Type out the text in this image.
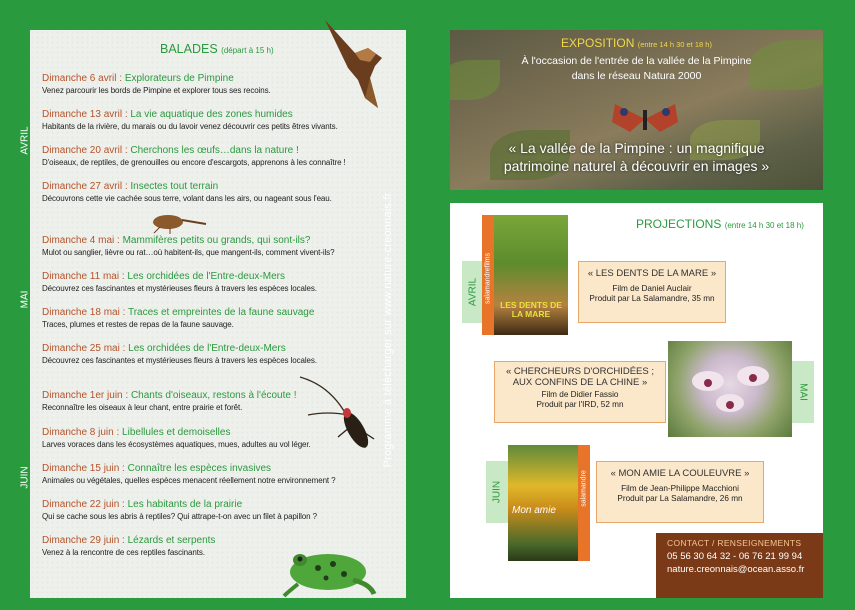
BALADES (départ à 15 h)
Dimanche 6 avril : Explorateurs de Pimpine
Venez parcourir les bords de Pimpine et explorer tous ses recoins.
Dimanche 13 avril : La vie aquatique des zones humides
Habitants de la rivière, du marais ou du lavoir venez découvrir ces petits êtres vivants.
Dimanche 20 avril : Cherchons les œufs…dans la nature !
D'oiseaux, de reptiles, de grenouilles ou encore d'escargots, apprenons à les connaître !
Dimanche 27 avril : Insectes tout terrain
Découvrons cette vie cachée sous terre, volant dans les airs, ou nageant sous l'eau.
Dimanche 4 mai : Mammifères petits ou grands, qui sont-ils?
Mulot ou sanglier, lièvre ou rat…où habitent-ils, que mangent-ils, comment vivent-ils?
Dimanche 11 mai : Les orchidées de l'Entre-deux-Mers
Découvrez ces fascinantes et mystérieuses fleurs à travers les espèces locales.
Dimanche 18 mai : Traces et empreintes de la faune sauvage
Traces, plumes et restes de repas de la faune sauvage.
Dimanche 25 mai : Les orchidées de l'Entre-deux-Mers
Découvrez ces fascinantes et mystérieuses fleurs à travers les espèces locales.
Dimanche 1er juin : Chants d'oiseaux, restons à l'écoute !
Reconnaître les oiseaux à leur chant, entre prairie et forêt.
Dimanche 8 juin : Libellules et demoiselles
Larves voraces dans les écosystèmes aquatiques, mues, adultes au vol léger.
Dimanche 15 juin : Connaître les espèces invasives
Animales ou végétales, quelles espèces menacent réellement notre environnement ?
Dimanche 22 juin : Les habitants de la prairie
Qui se cache sous les abris à reptiles? Qui attrape-t-on avec un filet à papillon ?
Dimanche 29 juin : Lézards et serpents
Venez à la rencontre de ces reptiles fascinants.
Programme à télécharger sur www.nature-creonnais.fr
AVRIL
MAI
JUIN
EXPOSITION (entre 14 h 30 et 18 h)
À l'occasion de l'entrée de la vallée de la Pimpine
dans le réseau Natura 2000
« La vallée de la Pimpine : un magnifique
patrimoine naturel à découvrir en images »
PROJECTIONS (entre 14 h 30 et 18 h)
AVRIL salamandrefilms
LES DENTS DE LA MARE
« LES DENTS DE LA MARE »
Film de Daniel Auclair
Produit par La Salamandre, 35 mn
« CHERCHEURS D'ORCHIDÉES ;
AUX CONFINS DE LA CHINE »
Film de Didier Fassio
Produit par l'IRD, 52 mn
MAI
JUIN	salamandre
Mon amie
« MON AMIE LA COULEUVRE »
Film de Jean-Philippe Macchioni
Produit par La Salamandre, 26 mn
CONTACT / RENSEIGNEMENTS
05 56 30 64 32 - 06 76 21 99 94
nature.creonnais@ocean.asso.fr
